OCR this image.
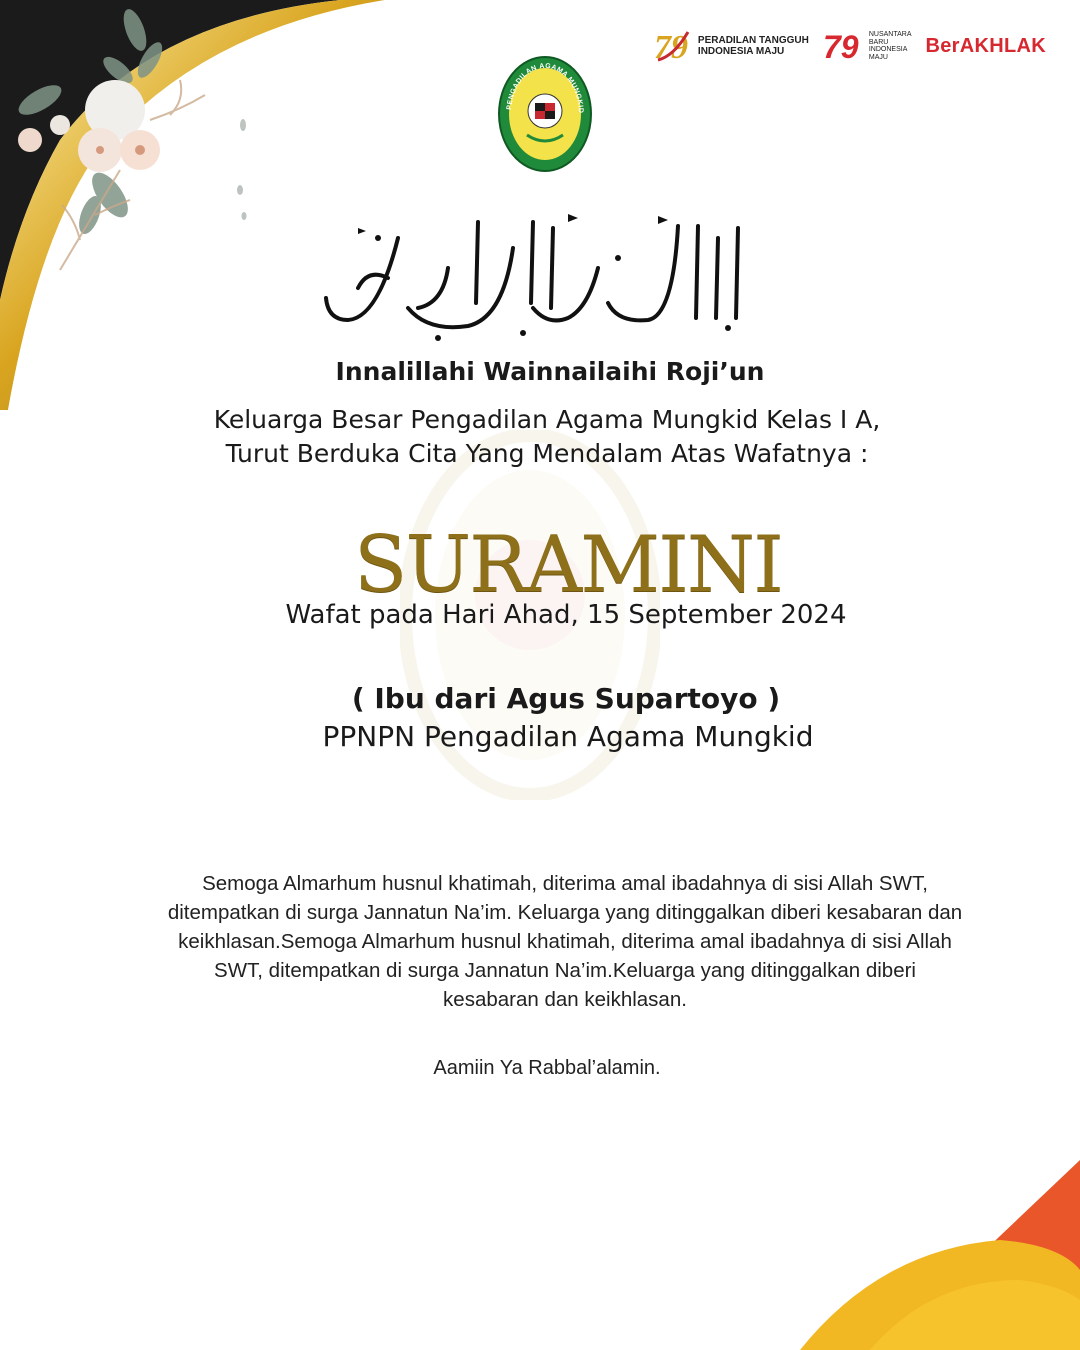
79 PERADILAN TANGGUH
INDONESIA MAJU	79 NUSANTARA
BARU
INDONESIA
MAJU
BerAKHLAK
PENGADILAN AGAMA MUNGKID

Innalillahi Wainnailaihi Roji’un

Keluarga Besar Pengadilan Agama Mungkid Kelas I A,

Turut Berduka Cita Yang Mendalam Atas Wafatnya :

SURAMINI

Wafat pada Hari Ahad, 15 September 2024

( Ibu dari Agus Supartoyo )

PPNPN Pengadilan Agama Mungkid

Semoga Almarhum husnul khatimah, diterima amal ibadahnya di sisi Allah SWT, ditempatkan di surga Jannatun Na’im. Keluarga yang ditinggalkan diberi kesabaran dan keikhlasan.Semoga Almarhum husnul khatimah, diterima amal ibadahnya di sisi Allah SWT, ditempatkan di surga Jannatun Na’im.Keluarga yang ditinggalkan diberi kesabaran dan keikhlasan.

Aamiin Ya Rabbal’alamin.
